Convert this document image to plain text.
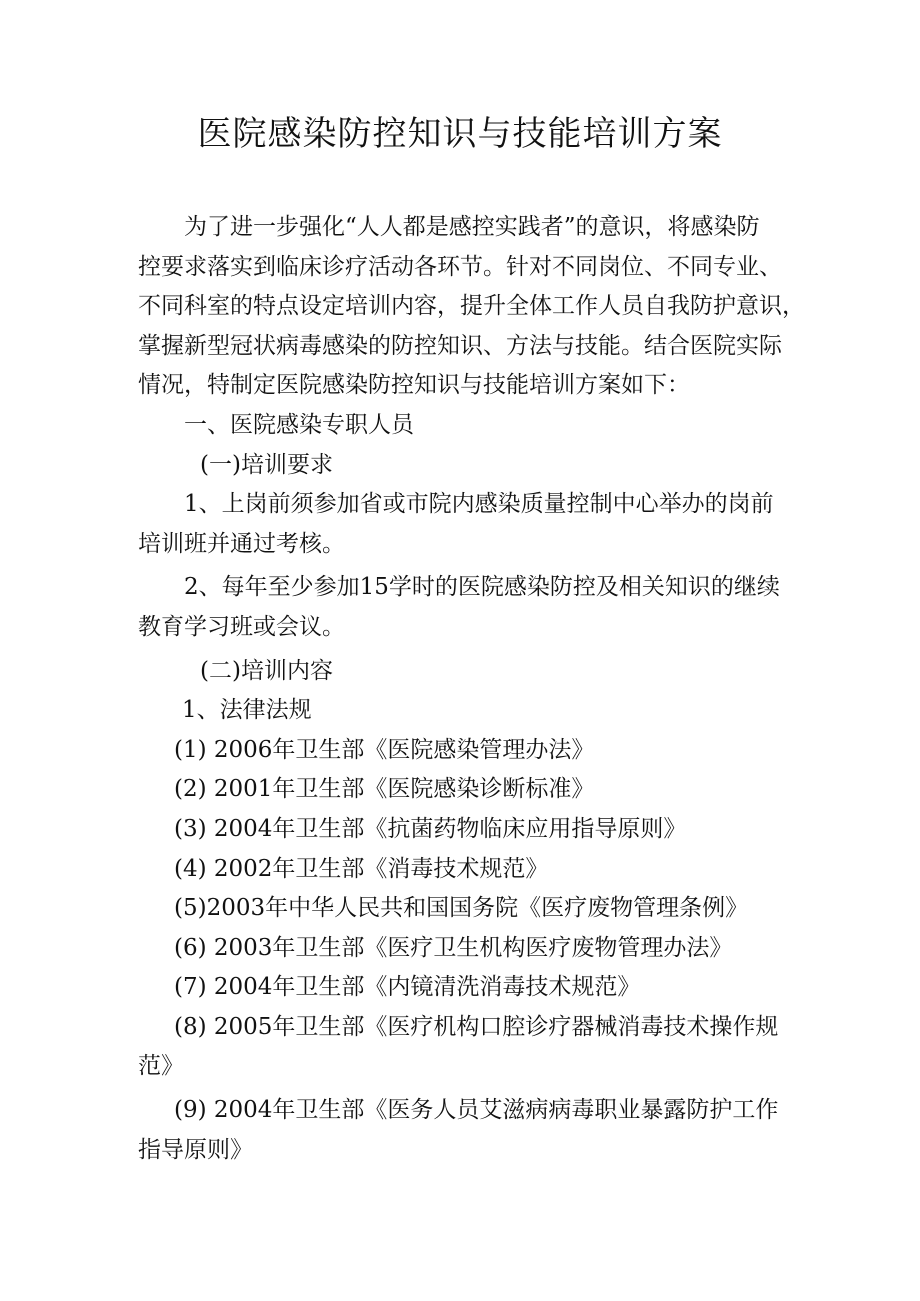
医院感染防控知识与技能培训方案

为了进一步强化“人人都是感控实践者”的意识，将感染防

控要求落实到临床诊疗活动各环节。针对不同岗位、不同专业、

不同科室的特点设定培训内容，提升全体工作人员自我防护意识，

掌握新型冠状病毒感染的防控知识、方法与技能。结合医院实际

情况，特制定医院感染防控知识与技能培训方案如下：

一、医院感染专职人员

(一)培训要求

1、上岗前须参加省或市院内感染质量控制中心举办的岗前

培训班并通过考核。

2、每年至少参加15学时的医院感染防控及相关知识的继续

教育学习班或会议。

(二)培训内容

1、法律法规

(1) 2006年卫生部《医院感染管理办法》

(2) 2001年卫生部《医院感染诊断标准》

(3) 2004年卫生部《抗菌药物临床应用指导原则》

(4) 2002年卫生部《消毒技术规范》

(5)2003年中华人民共和国国务院《医疗废物管理条例》

(6) 2003年卫生部《医疗卫生机构医疗废物管理办法》

(7) 2004年卫生部《内镜清洗消毒技术规范》

(8) 2005年卫生部《医疗机构口腔诊疗器械消毒技术操作规

范》

(9) 2004年卫生部《医务人员艾滋病病毒职业暴露防护工作

指导原则》
